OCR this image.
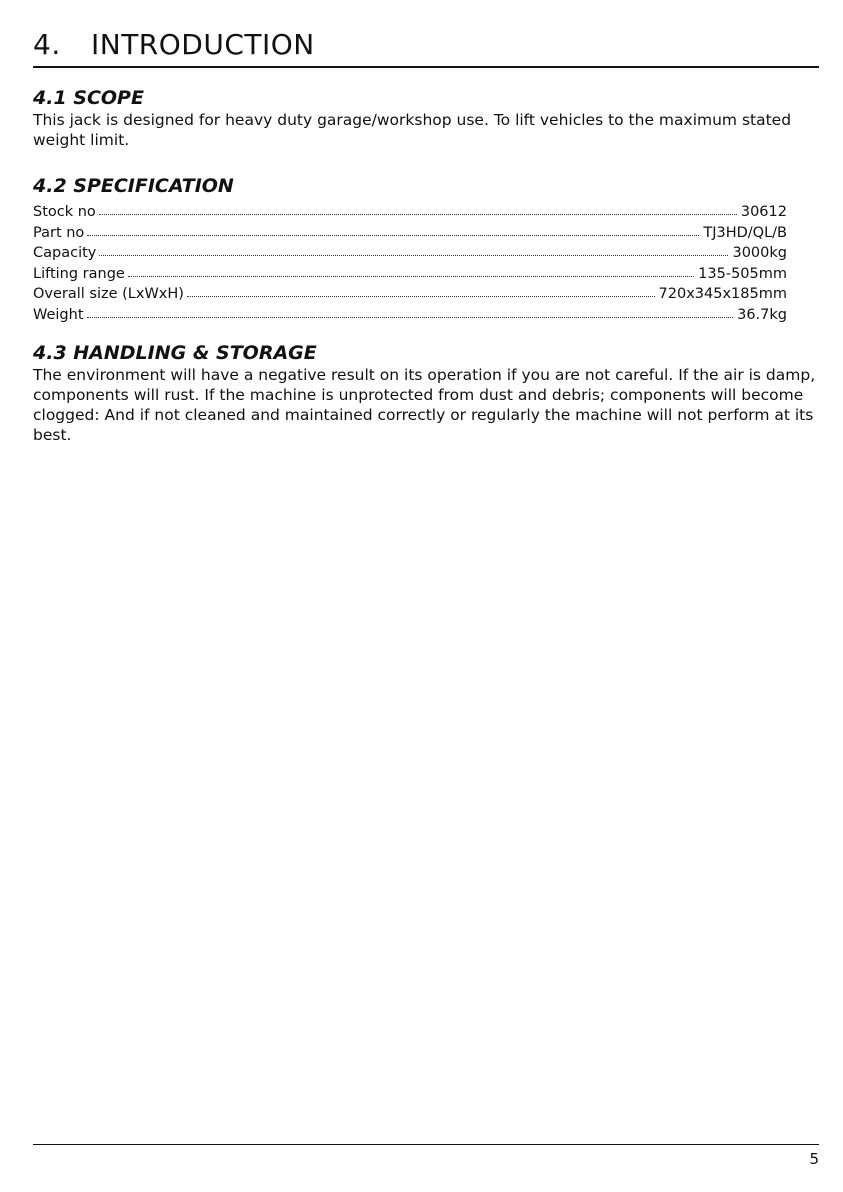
4. INTRODUCTION
4.1 SCOPE

This jack is designed for heavy duty garage/workshop use. To lift vehicles to the maximum stated weight limit.

4.2 SPECIFICATION
Stock no	30612
Part no	TJ3HD/QL/B
Capacity	3000kg
Lifting range	135-505mm
Overall size (LxWxH)	720x345x185mm
Weight	36.7kg
4.3 HANDLING & STORAGE

The environment will have a negative result on its operation if you are not careful. If the air is damp, components will rust. If the machine is unprotected from dust and debris; components will become clogged: And if not cleaned and maintained correctly or regularly the machine will not perform at its best.

5
